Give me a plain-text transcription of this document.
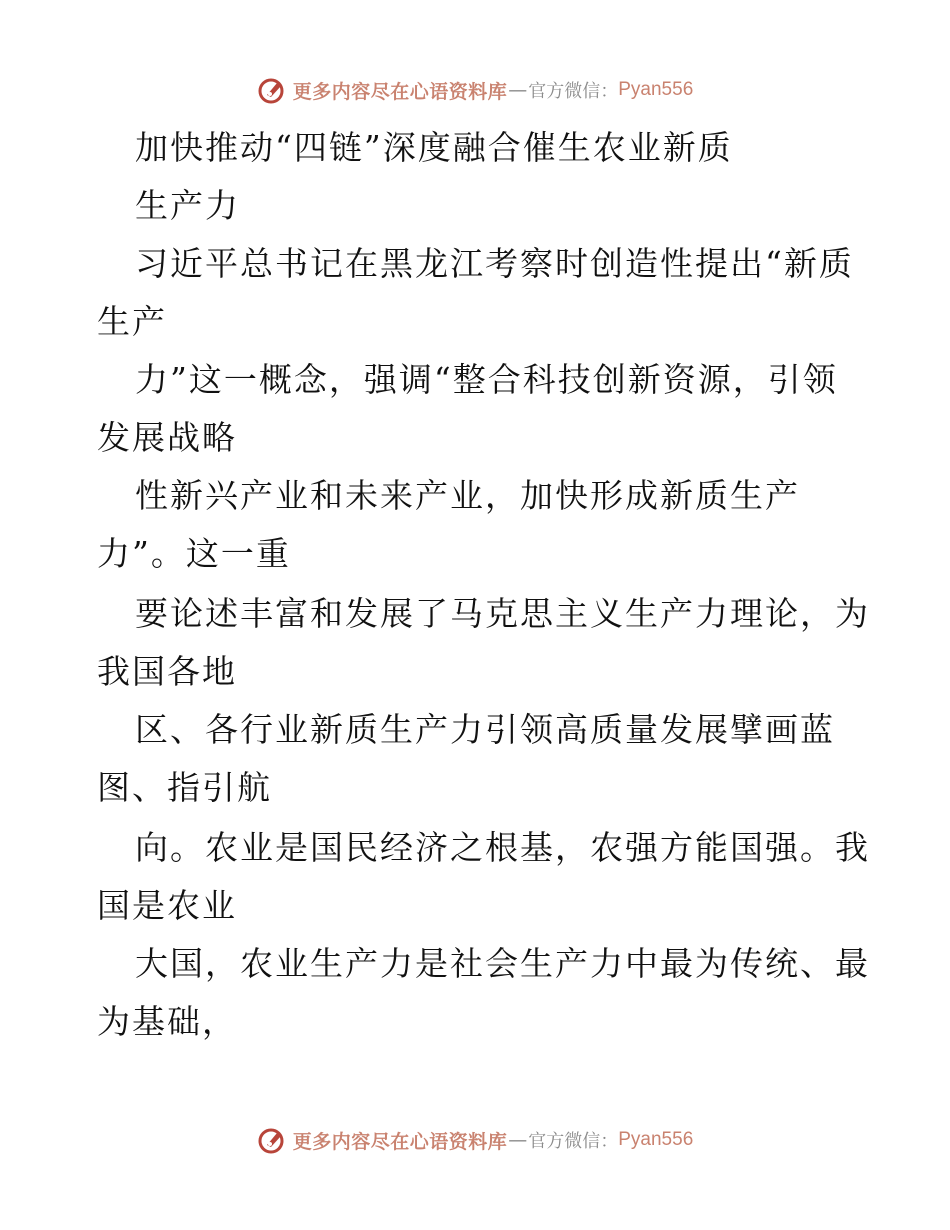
更多内容尽在心语资料库 — 官方微信： Pyan556
加快推动“四链”深度融合催生农业新质
生产力
习近平总书记在黑龙江考察时创造性提出“新质
生产
力”这一概念，强调“整合科技创新资源，引领
发展战略
性新兴产业和未来产业，加快形成新质生产
力”。这一重
要论述丰富和发展了马克思主义生产力理论，为
我国各地
区、各行业新质生产力引领高质量发展擘画蓝
图、指引航
向。农业是国民经济之根基，农强方能国强。我
国是农业
大国，农业生产力是社会生产力中最为传统、最
为基础，
更多内容尽在心语资料库 — 官方微信： Pyan556
